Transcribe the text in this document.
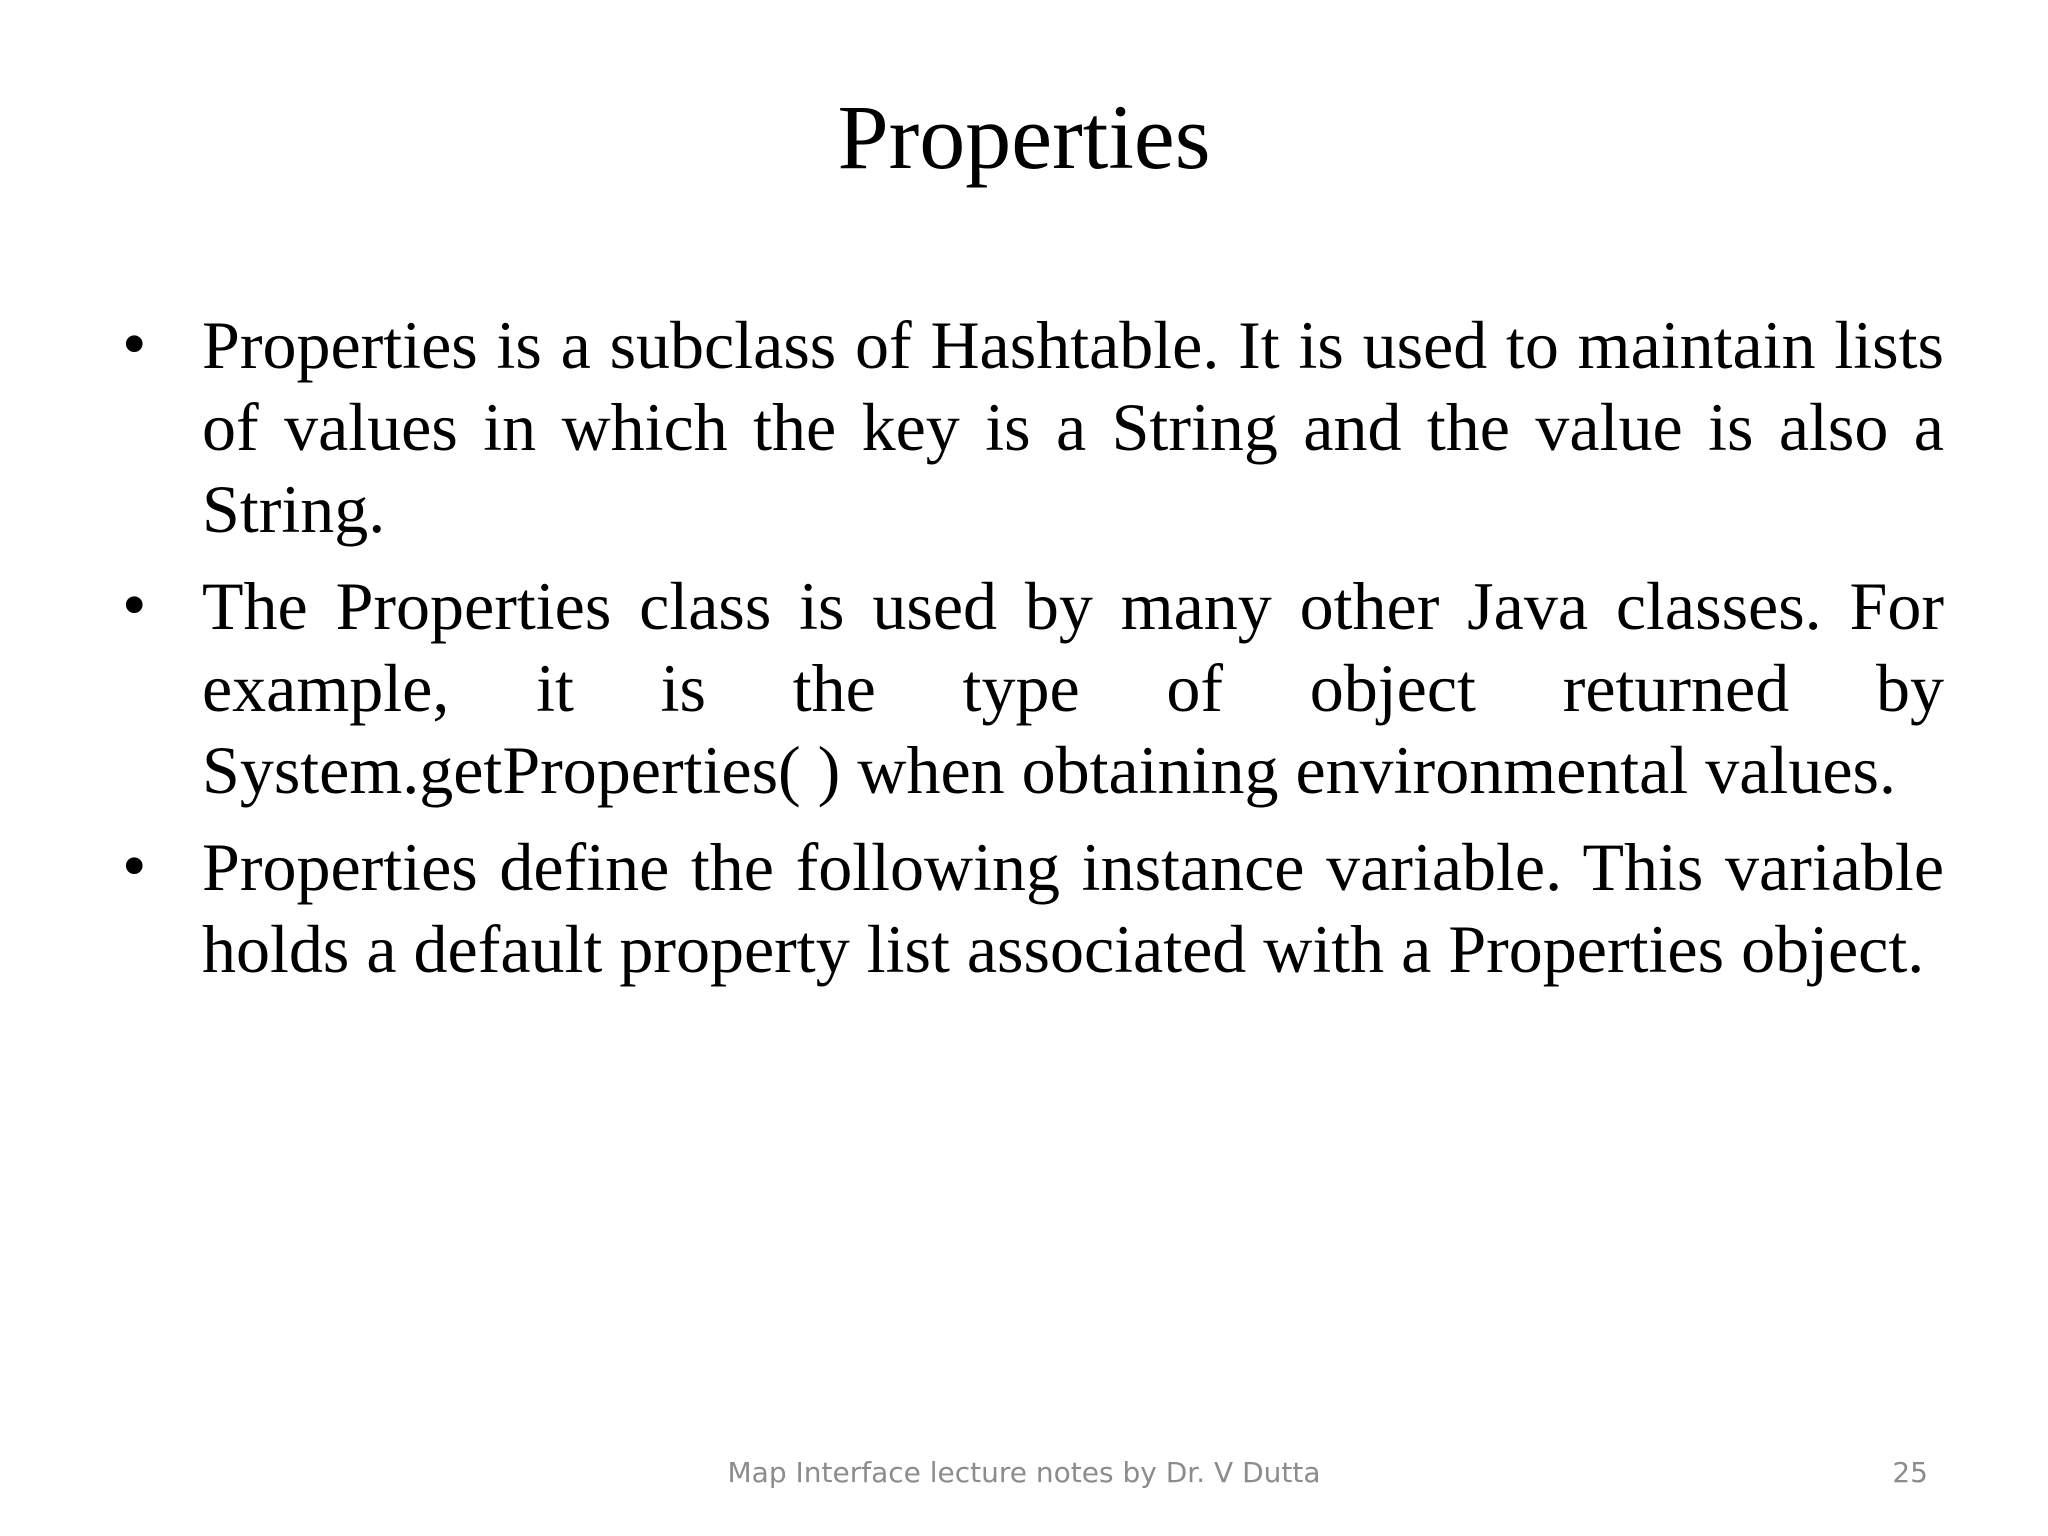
Properties
• Properties is a subclass of Hashtable. It is used to maintain lists of values in which the key is a String and the value is also a String.
• The Properties class is used by many other Java classes. For example, it is the type of object returned by System.getProperties( ) when obtaining environmental values.
• Properties define the following instance variable. This variable holds a default property list associated with a Properties object.
Map Interface lecture notes by Dr. V Dutta	25
